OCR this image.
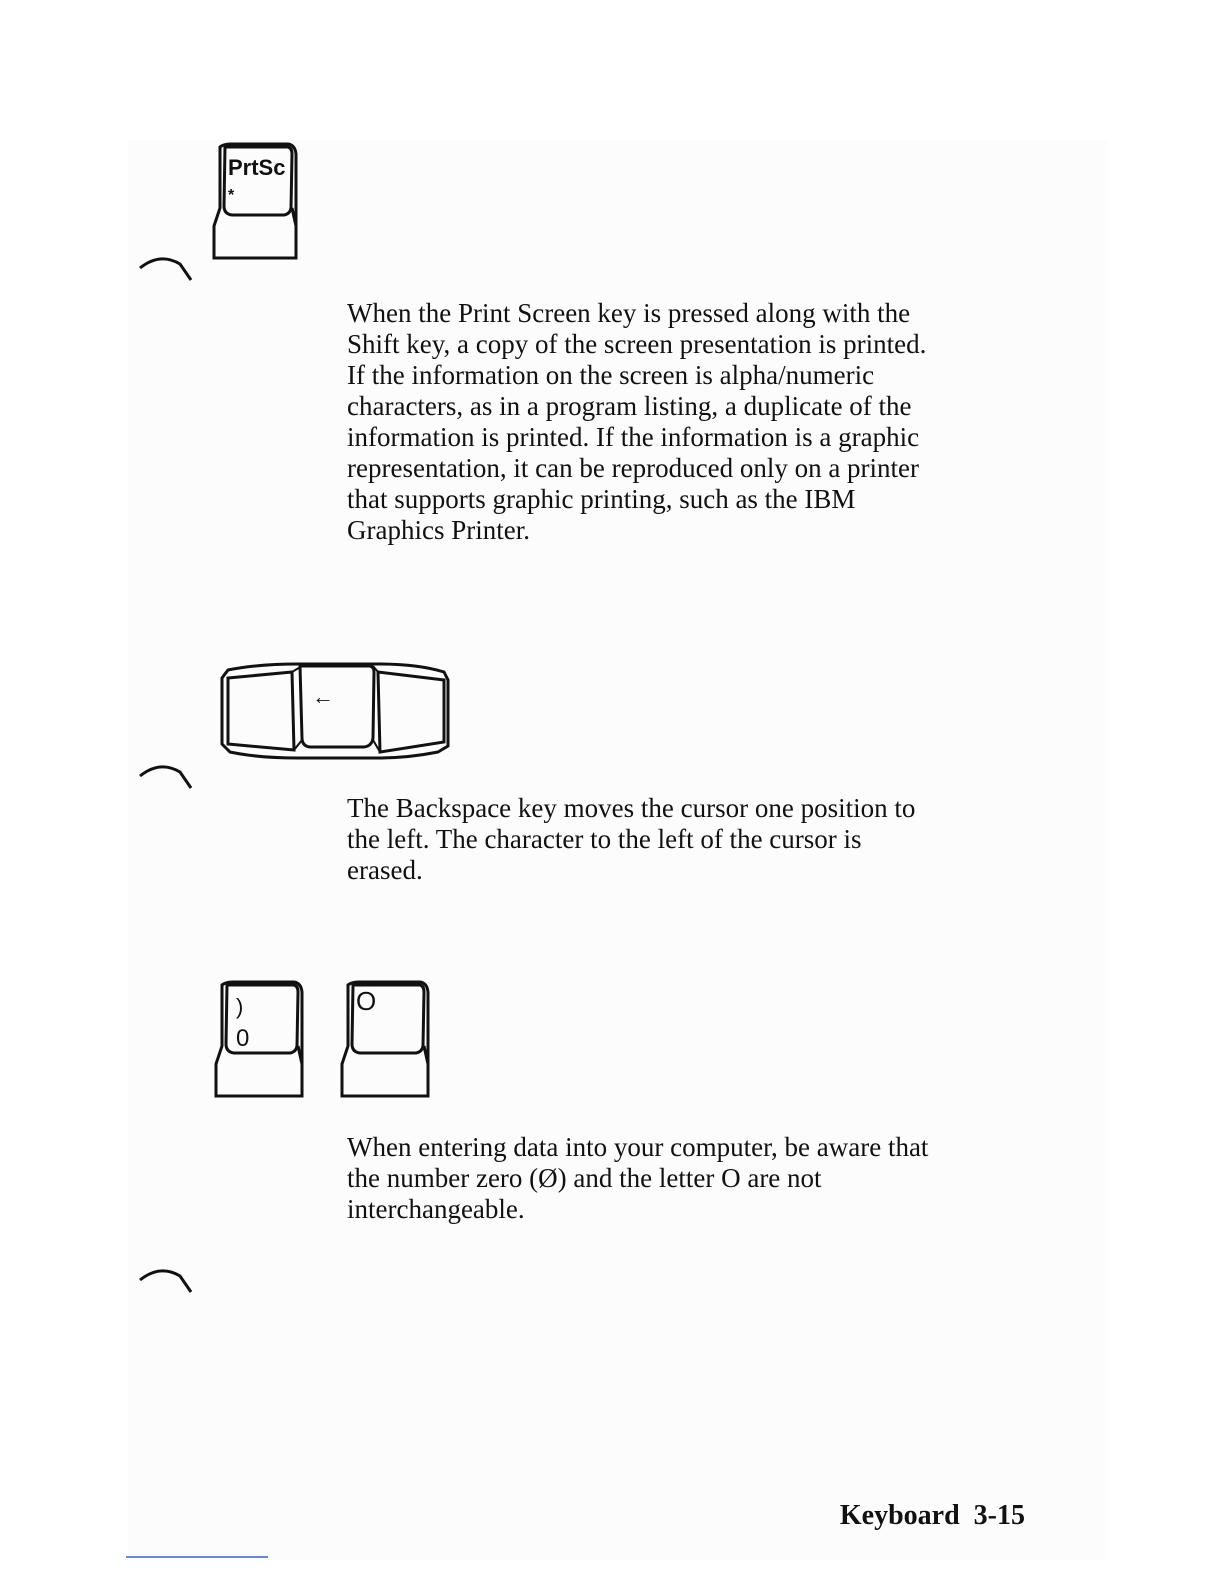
PrtSc
*

When the Print Screen key is pressed along with the
Shift key, a copy of the screen presentation is printed.
If the information on the screen is alpha/numeric
characters, as in a program listing, a duplicate of the
information is printed. If the information is a graphic
representation, it can be reproduced only on a printer
that supports graphic printing, such as the IBM
Graphics Printer.

←

The Backspace key moves the cursor one position to
the left. The character to the left of the cursor is
erased.

)
0
O

When entering data into your computer, be aware that
the number zero (Ø) and the letter O are not
interchangeable.

Keyboard 3-15
